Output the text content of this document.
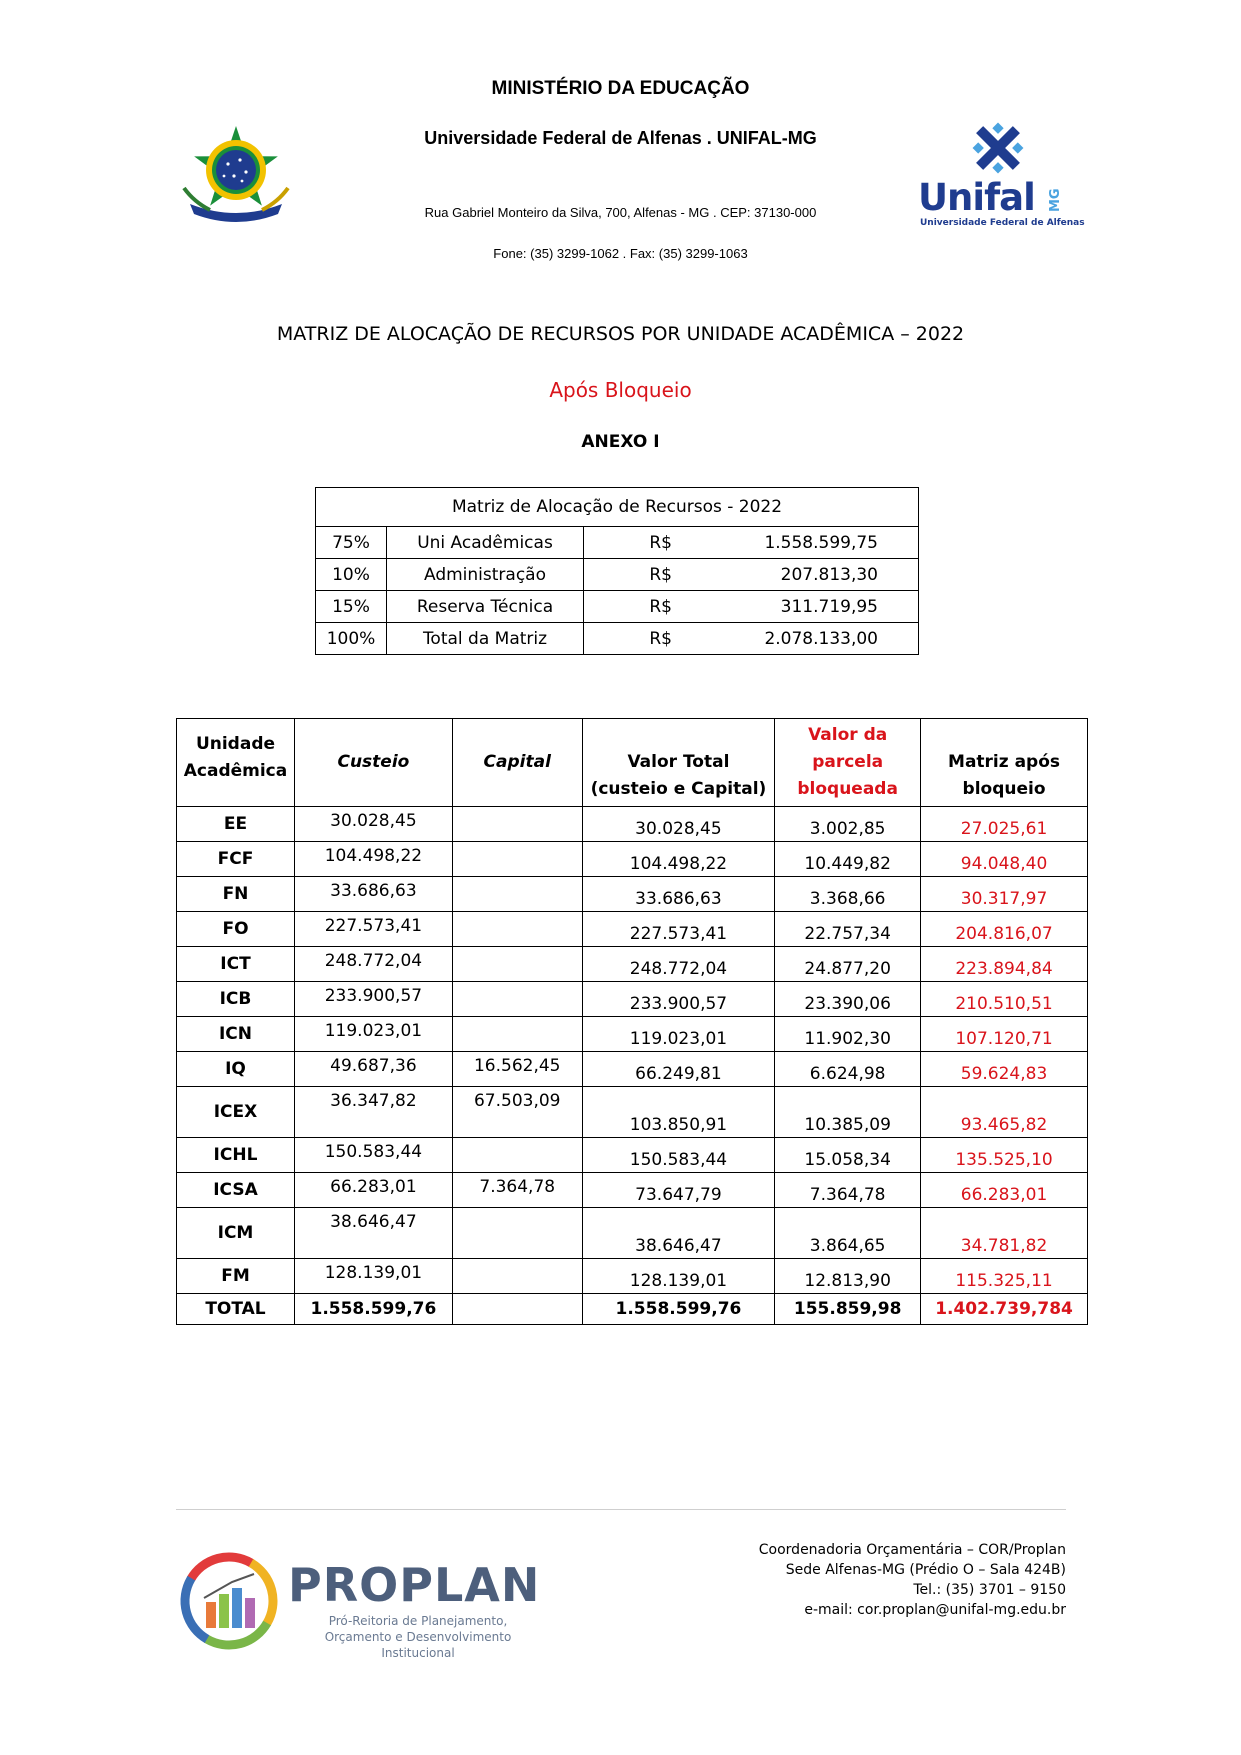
MINISTÉRIO DA EDUCAÇÃO
Universidade Federal de Alfenas . UNIFAL-MG
Rua Gabriel Monteiro da Silva, 700, Alfenas - MG . CEP: 37130-000
Fone: (35) 3299-1062 . Fax: (35) 3299-1063
Unifal MG
Universidade Federal de Alfenas
MATRIZ DE ALOCAÇÃO DE RECURSOS POR UNIDADE ACADÊMICA – 2022
Após Bloqueio
ANEXO I
Matriz de Alocação de Recursos - 2022			
75%	Uni Acadêmicas	R$	1.558.599,75
10%	Administração	R$	207.813,30
15%	Reserva Técnica	R$	311.719,95
100%	Total da Matriz	R$	2.078.133,00
Unidade Acadêmica	Custeio	Capital	Valor Total (custeio e Capital)	Valor da parcela bloqueada	Matriz após bloqueio
EE	30.028,45		30.028,45	3.002,85	27.025,61
FCF	104.498,22		104.498,22	10.449,82	94.048,40
FN	33.686,63		33.686,63	3.368,66	30.317,97
FO	227.573,41		227.573,41	22.757,34	204.816,07
ICT	248.772,04		248.772,04	24.877,20	223.894,84
ICB	233.900,57		233.900,57	23.390,06	210.510,51
ICN	119.023,01		119.023,01	11.902,30	107.120,71
IQ	49.687,36	16.562,45	66.249,81	6.624,98	59.624,83
ICEX	36.347,82	67.503,09	103.850,91	10.385,09	93.465,82
ICHL	150.583,44		150.583,44	15.058,34	135.525,10
ICSA	66.283,01	7.364,78	73.647,79	7.364,78	66.283,01
ICM	38.646,47		38.646,47	3.864,65	34.781,82
FM	128.139,01		128.139,01	12.813,90	115.325,11
TOTAL	1.558.599,76		1.558.599,76	155.859,98	1.402.739,784
PROPLAN
Pró-Reitoria de Planejamento,
Orçamento e Desenvolvimento Institucional
Coordenadoria Orçamentária – COR/Proplan
Sede Alfenas-MG (Prédio O – Sala 424B)
Tel.: (35) 3701 – 9150
e-mail: cor.proplan@unifal-mg.edu.br
